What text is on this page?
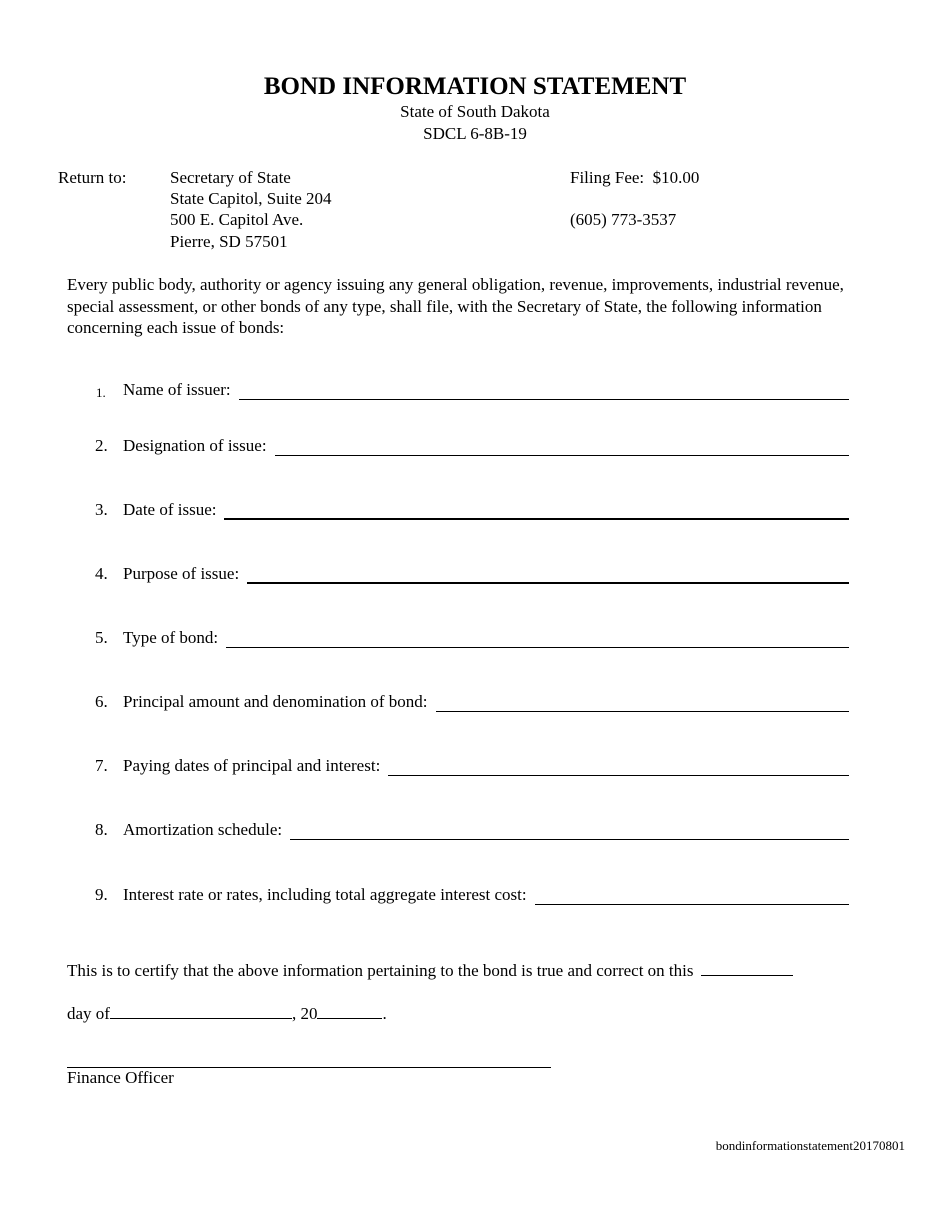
BOND INFORMATION STATEMENT
State of South Dakota
SDCL 6-8B-19
Return to:	Secretary of State
State Capitol, Suite 204
500 E. Capitol Ave.
Pierre, SD 57501
Filing Fee:  $10.00
(605) 773-3537
Every public body, authority or agency issuing any general obligation, revenue, improvements, industrial revenue, special assessment, or other bonds of any type, shall file, with the Secretary of State, the following information concerning each issue of bonds:
1. Name of issuer:
2. Designation of issue:
3. Date of issue:
4. Purpose of issue:
5. Type of bond:
6. Principal amount and denomination of bond:
7. Paying dates of principal and interest:
8. Amortization schedule:
9. Interest rate or rates, including total aggregate interest cost:
This is to certify that the above information pertaining to the bond is true and correct on this
day of	, 20	.
Finance Officer
bondinformationstatement20170801
